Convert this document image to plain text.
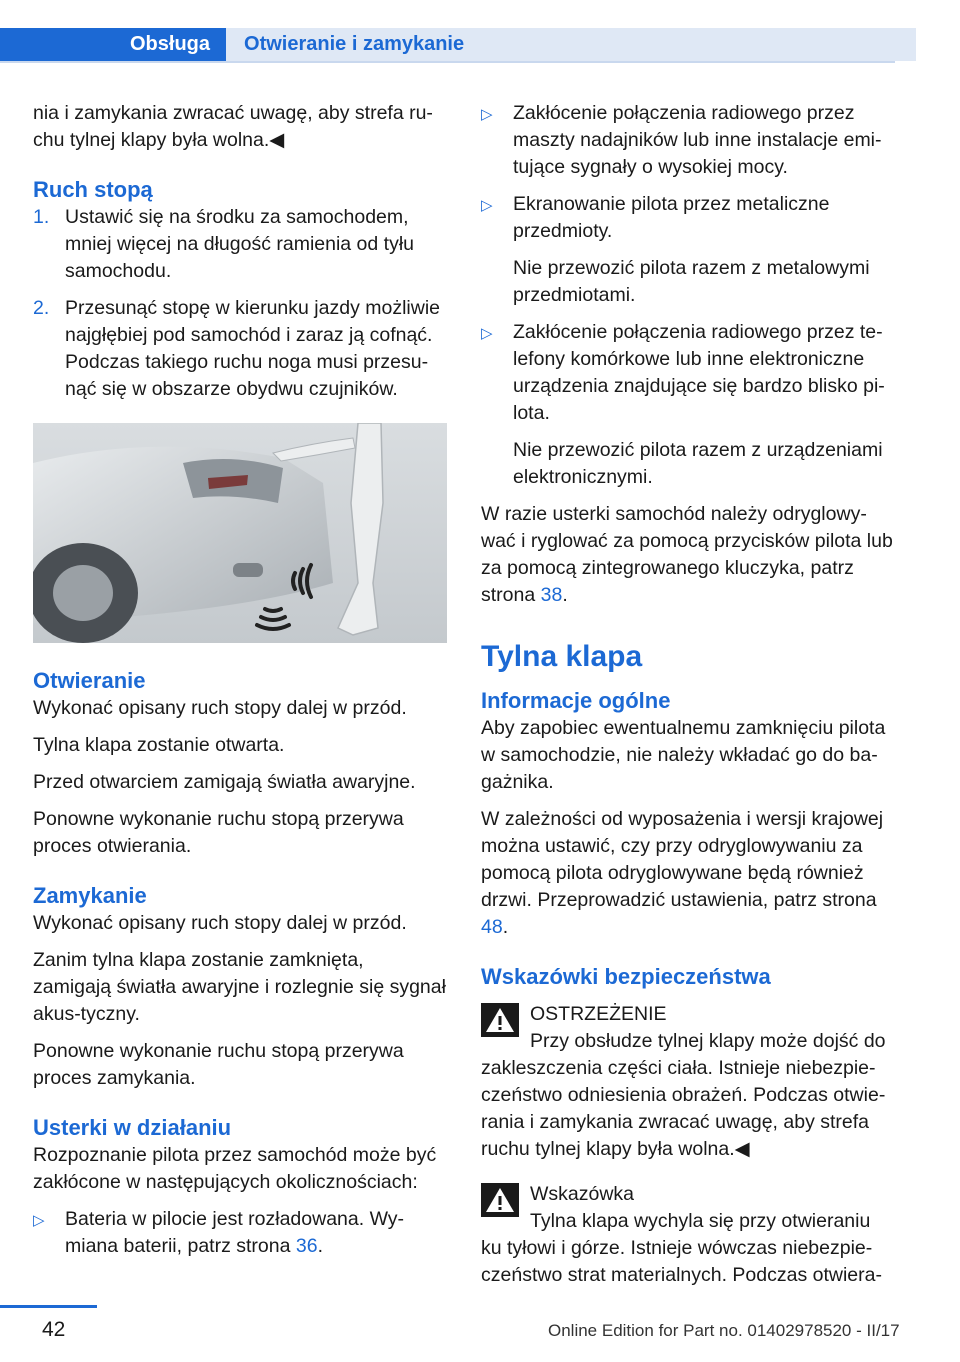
Obsługa	Otwieranie i zamykanie

nia i zamykania zwracać uwagę, aby strefa ru-chu tylnej klapy była wolna.◀

Ruch stopą
1. Ustawić się na środku za samochodem, mniej więcej na długość ramienia od tyłu samochodu.
2. Przesunąć stopę w kierunku jazdy możliwie najgłębiej pod samochód i zaraz ją cofnąć. Podczas takiego ruchu noga musi przesu-nąć się w obszarze obydwu czujników.
Otwieranie

Wykonać opisany ruch stopy dalej w przód.

Tylna klapa zostanie otwarta.

Przed otwarciem zamigają światła awaryjne.

Ponowne wykonanie ruchu stopą przerywa proces otwierania.

Zamykanie

Wykonać opisany ruch stopy dalej w przód.

Zanim tylna klapa zostanie zamknięta, zamigają światła awaryjne i rozlegnie się sygnał akus-tyczny.

Ponowne wykonanie ruchu stopą przerywa proces zamykania.

Usterki w działaniu

Rozpoznanie pilota przez samochód może być zakłócone w następujących okolicznościach:

▷	Bateria w pilocie jest rozładowana. Wy-miana baterii, patrz strona 36.
▷	Zakłócenie połączenia radiowego przez maszty nadajników lub inne instalacje emi-tujące sygnały o wysokiej mocy.
▷	Ekranowanie pilota przez metaliczne przedmioty.
Nie przewozić pilota razem z metalowymi przedmiotami.
▷	Zakłócenie połączenia radiowego przez te-lefony komórkowe lub inne elektroniczne urządzenia znajdujące się bardzo blisko pi-lota.
Nie przewozić pilota razem z urządzeniami elektronicznymi.

W razie usterki samochód należy odryglowy-wać i ryglować za pomocą przycisków pilota lub za pomocą zintegrowanego kluczyka, patrz strona 38.

Tylna klapa
Informacje ogólne

Aby zapobiec ewentualnemu zamknięciu pilota w samochodzie, nie należy wkładać go do ba-gażnika.

W zależności od wyposażenia i wersji krajowej można ustawić, czy przy odryglowywaniu za pomocą pilota odryglowywane będą również drzwi. Przeprowadzić ustawienia, patrz strona 48.

Wskazówki bezpieczeństwa

OSTRZEŻENIE

Przy obsłudze tylnej klapy może dojść do zakleszczenia części ciała. Istnieje niebezpie-czeństwo odniesienia obrażeń. Podczas otwie-rania i zamykania zwracać uwagę, aby strefa ruchu tylnej klapy była wolna.◀

Wskazówka

Tylna klapa wychyla się przy otwieraniu ku tyłowi i górze. Istnieje wówczas niebezpie-czeństwo strat materialnych. Podczas otwiera-

42	Online Edition for Part no. 01402978520 - II/17
